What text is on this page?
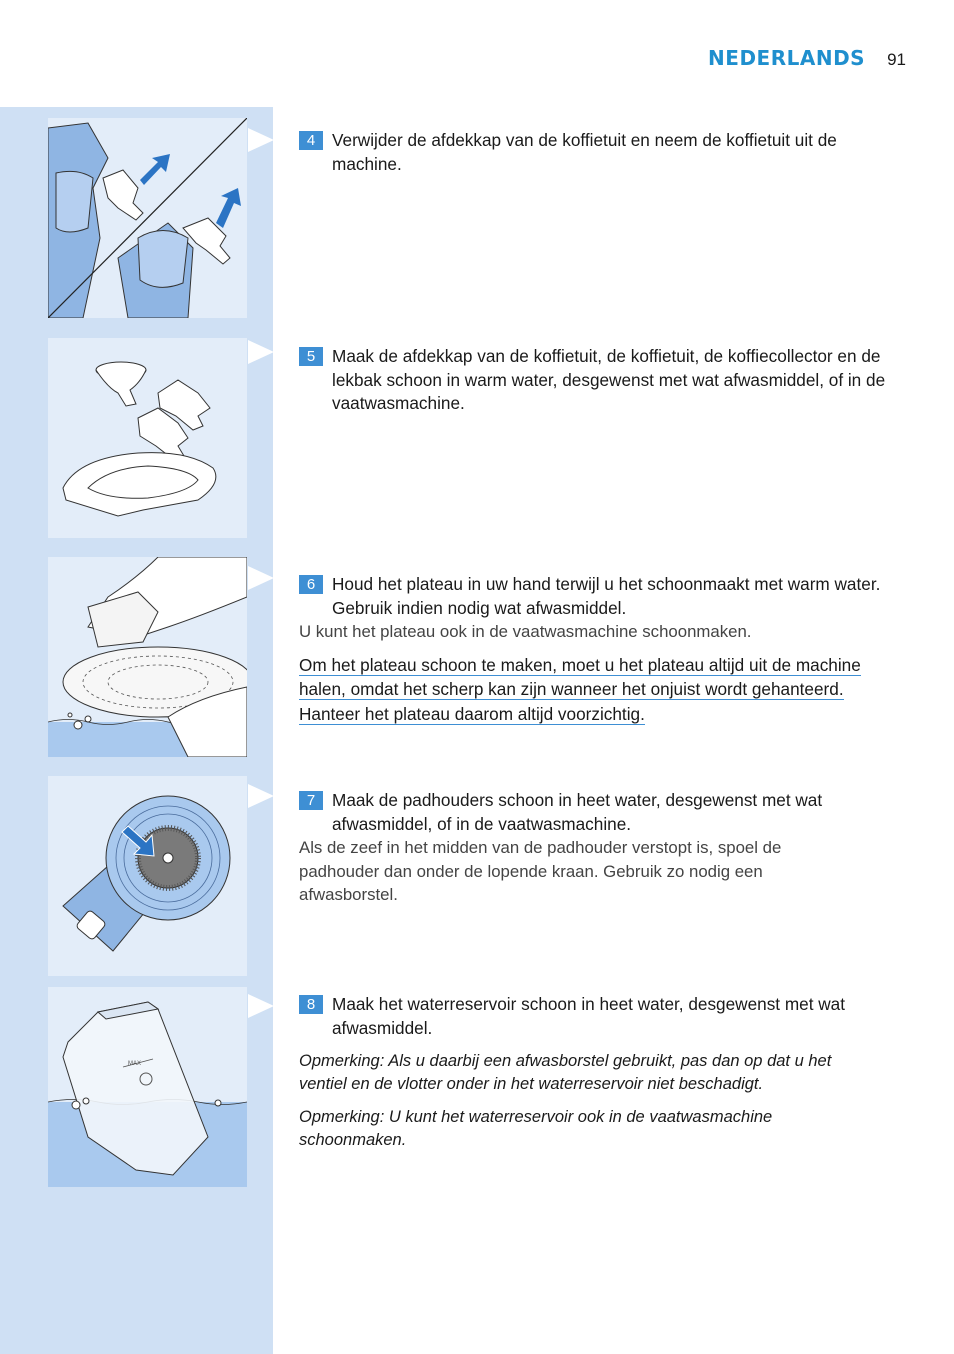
NEDERLANDS 91
MAX
4 Verwijder de afdekkap van de koffietuit en neem de koffietuit uit de machine.
5 Maak de afdekkap van de koffietuit, de koffietuit, de koffiecollector en de lekbak schoon in warm water, desgewenst met wat afwasmiddel, of in de vaatwasmachine.
6 Houd het plateau in uw hand terwijl u het schoonmaakt met warm water. Gebruik indien nodig wat afwasmiddel.
U kunt het plateau ook in de vaatwasmachine schoonmaken.
Om het plateau schoon te maken, moet u het plateau altijd uit de machine halen, omdat het scherp kan zijn wanneer het onjuist wordt gehanteerd. Hanteer het plateau daarom altijd voorzichtig.
7 Maak de padhouders schoon in heet water, desgewenst met wat afwasmiddel, of in de vaatwasmachine.
Als de zeef in het midden van de padhouder verstopt is, spoel de padhouder dan onder de lopende kraan. Gebruik zo nodig een afwasborstel.
8 Maak het waterreservoir schoon in heet water, desgewenst met wat afwasmiddel.
Opmerking: Als u daarbij een afwasborstel gebruikt, pas dan op dat u het ventiel en de vlotter onder in het waterreservoir niet beschadigt.
Opmerking: U kunt het waterreservoir ook in de vaatwasmachine schoonmaken.
